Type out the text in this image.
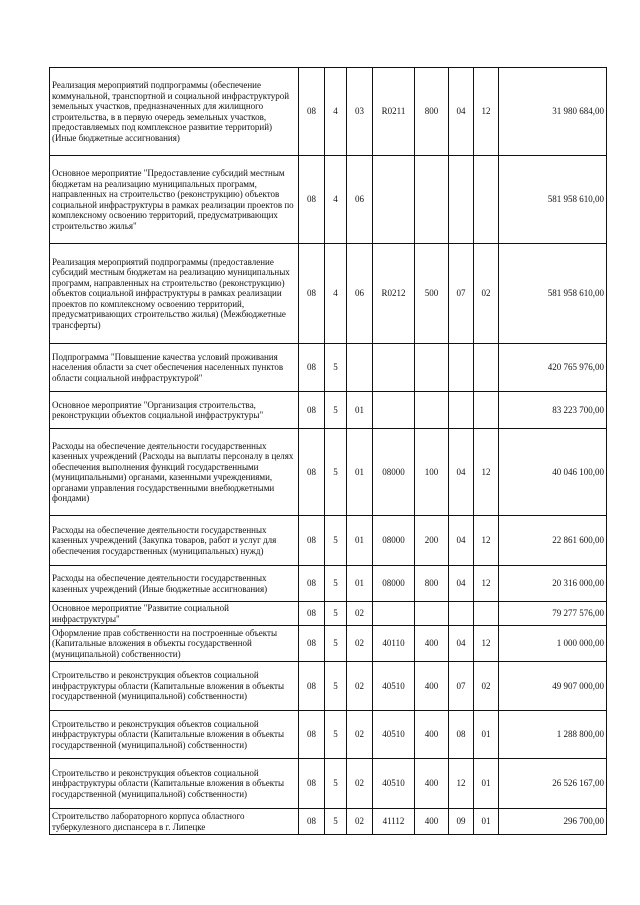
Реализация мероприятий подпрограммы (обеспечение коммунальной, транспортной и социальной инфраструктурой земельных участков, предназначенных для жилищного строительства, в в первую очередь земельных участков, предоставляемых под комплексное развитие территорий) (Иные бюджетные ассигнования)	08	4	03	R0211	800	04	12	31 980 684,00
Основное мероприятие "Предоставление субсидий местным бюджетам на реализацию муниципальных программ, направленных на строительство (реконструкцию) объектов социальной инфраструктуры в рамках реализации проектов по комплексному освоению территорий, предусматривающих строительство жилья"	08	4	06					581 958 610,00
Реализация мероприятий подпрограммы (предоставление субсидий местным бюджетам на реализацию муниципальных программ, направленных на строительство (реконструкцию) объектов социальной инфраструктуры в рамках реализации проектов по комплексному освоению территорий, предусматривающих строительство жилья) (Межбюджетные трансферты)	08	4	06	R0212	500	07	02	581 958 610,00
Подпрограмма "Повышение качества условий проживания населения области за счет обеспечения населенных пунктов области социальной инфраструктурой"	08	5						420 765 976,00
Основное мероприятие "Организация строительства, реконструкции объектов социальной инфраструктуры"	08	5	01					83 223 700,00
Расходы на обеспечение деятельности государственных казенных учреждений (Расходы на выплаты персоналу в целях обеспечения выполнения функций государственными (муниципальными) органами, казенными учреждениями, органами управления государственными внебюджетными фондами)	08	5	01	08000	100	04	12	40 046 100,00
Расходы на обеспечение деятельности государственных казенных учреждений (Закупка товаров, работ и услуг для обеспечения государственных (муниципальных) нужд)	08	5	01	08000	200	04	12	22 861 600,00
Расходы на обеспечение деятельности государственных казенных учреждений (Иные бюджетные ассигнования)	08	5	01	08000	800	04	12	20 316 000,00
Основное мероприятие "Развитие социальной инфраструктуры"	08	5	02					79 277 576,00
Оформление прав собственности на построенные объекты (Капитальные вложения в объекты государственной (муниципальной) собственности)	08	5	02	40110	400	04	12	1 000 000,00
Строительство и реконструкция объектов социальной инфраструктуры области (Капитальные вложения в объекты государственной (муниципальной) собственности)	08	5	02	40510	400	07	02	49 907 000,00
Строительство и реконструкция объектов социальной инфраструктуры области (Капитальные вложения в объекты государственной (муниципальной) собственности)	08	5	02	40510	400	08	01	1 288 800,00
Строительство и реконструкция объектов социальной инфраструктуры области (Капитальные вложения в объекты государственной (муниципальной) собственности)	08	5	02	40510	400	12	01	26 526 167,00
Строительство лабораторного корпуса областного туберкулезного диспансера в г. Липецке	08	5	02	41112	400	09	01	296 700,00
